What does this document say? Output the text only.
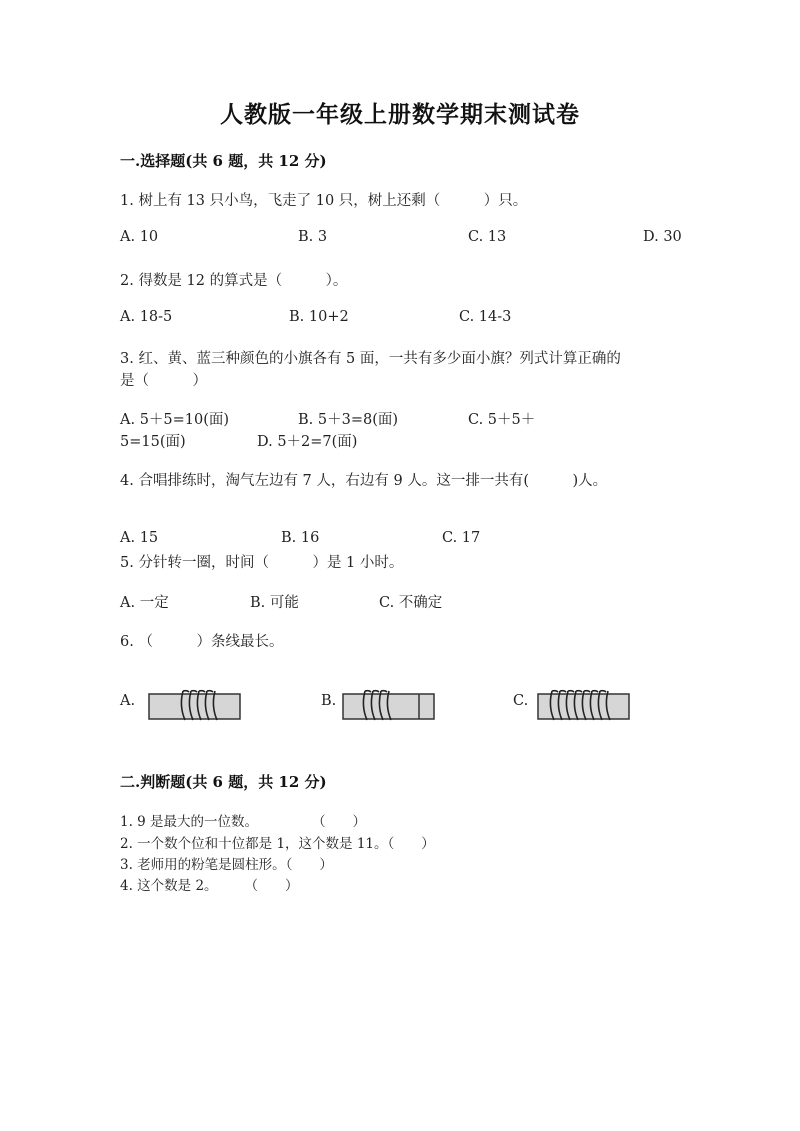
人教版一年级上册数学期末测试卷
一.选择题(共 6 题，共 12 分)
1. 树上有 13 只小鸟，飞走了 10 只，树上还剩（　　　）只。
A. 10	B. 3	C. 13	D. 30
2. 得数是 12 的算式是（　　　）。
A. 18-5	B. 10+2	C. 14-3
3. 红、黄、蓝三种颜色的小旗各有 5 面，一共有多少面小旗？列式计算正确的
是（　　　）
A. 5＋5=10(面)	B. 5＋3=8(面)	C. 5＋5＋
5=15(面)	D. 5＋2=7(面)
4. 合唱排练时，淘气左边有 7 人，右边有 9 人。这一排一共有(　　　)人。
A. 15	B. 16	C. 17
5. 分针转一圈，时间（　　　）是 1 小时。
A. 一定	B. 可能	C. 不确定
6. （　　　）条线最长。
A.	B.	C.
二.判断题(共 6 题，共 12 分)
1. 9 是最大的一位数。　　　　　（　　）
2. 一个数个位和十位都是 1，这个数是 11。（　　）
3. 老师用的粉笔是圆柱形。（　　）
4. 这个数是 2。　　　（　　）
